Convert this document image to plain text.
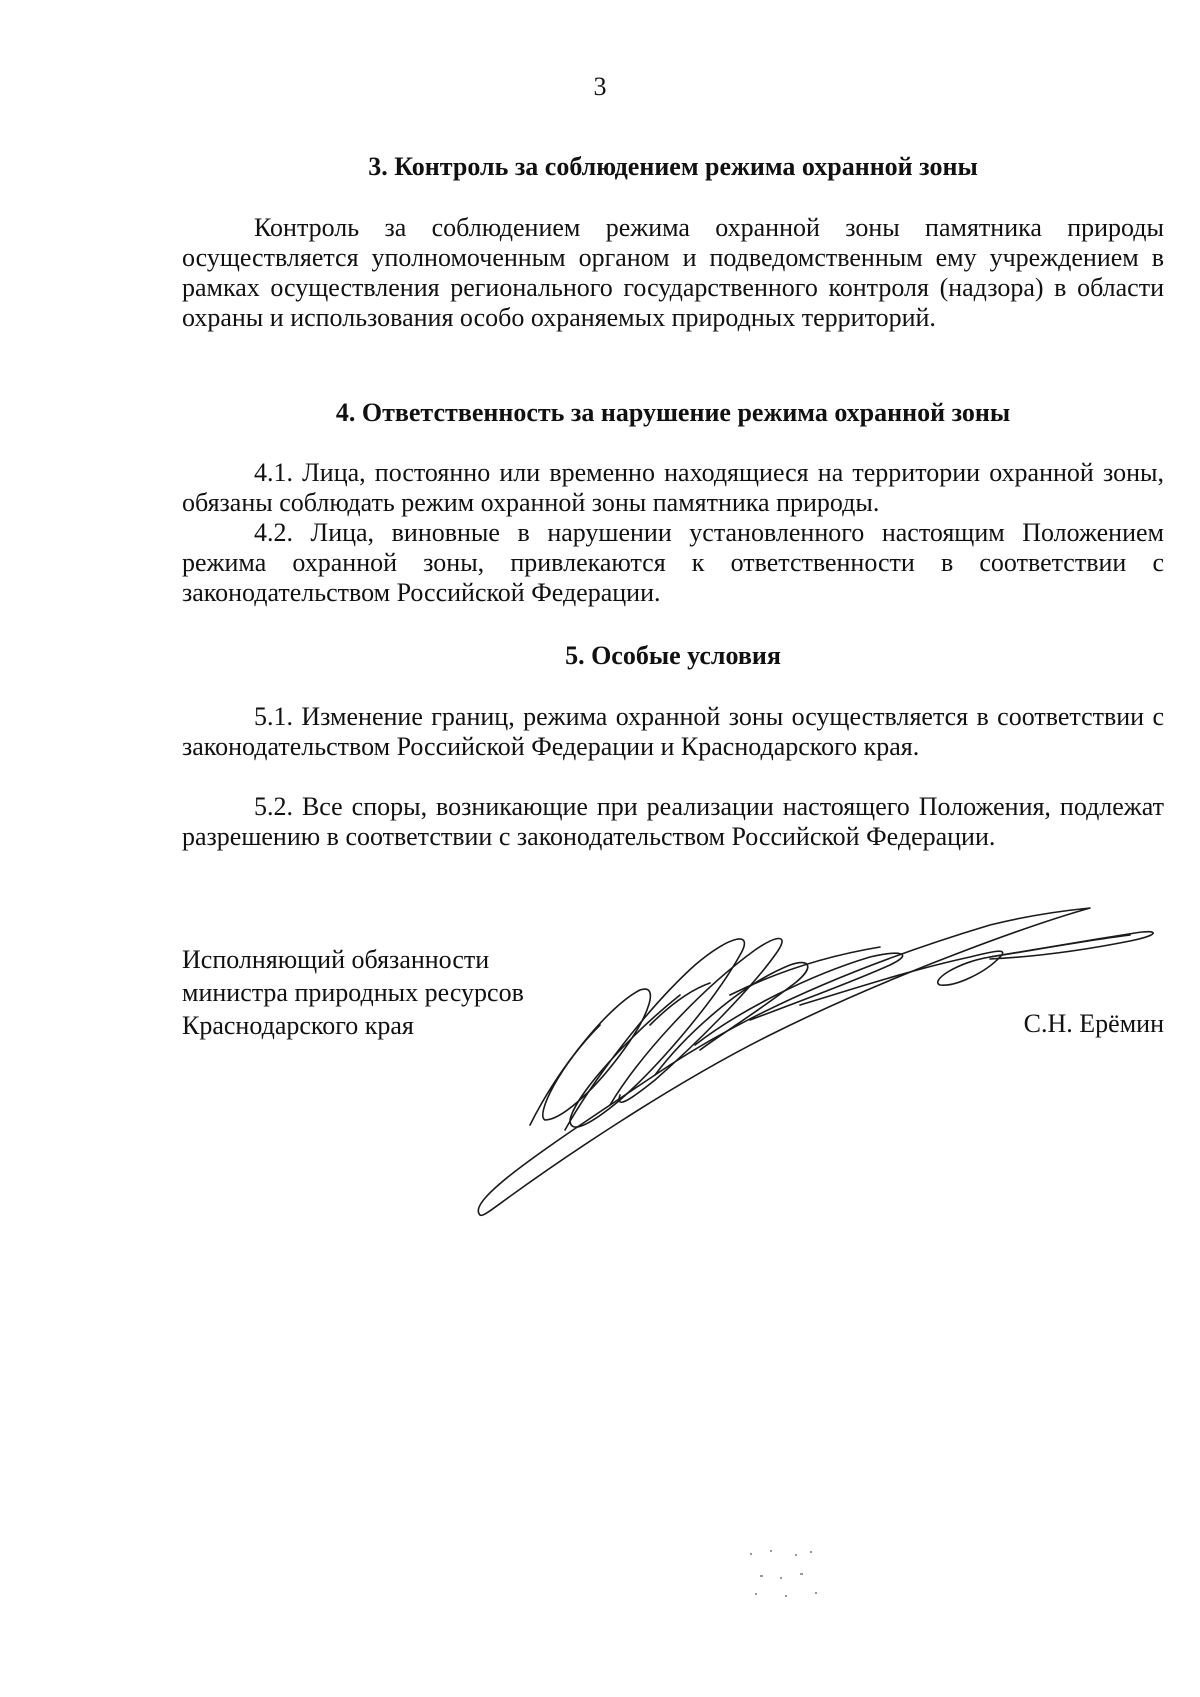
3
3. Контроль за соблюдением режима охранной зоны
Контроль за соблюдением режима охранной зоны памятника природы осуществляется уполномоченным органом и подведомственным ему учреждением в рамках осуществления регионального государственного контроля (надзора) в области охраны и использования особо охраняемых природных территорий.
4. Ответственность за нарушение режима охранной зоны
4.1. Лица, постоянно или временно находящиеся на территории охранной зоны, обязаны соблюдать режим охранной зоны памятника природы.
4.2. Лица, виновные в нарушении установленного настоящим Положением режима охранной зоны, привлекаются к ответственности в соответствии с законодательством Российской Федерации.
5. Особые условия
5.1. Изменение границ, режима охранной зоны осуществляется в соответствии с законодательством Российской Федерации и Краснодарского края.
5.2. Все споры, возникающие при реализации настоящего Положения, подлежат разрешению в соответствии с законодательством Российской Федерации.
Исполняющий обязанности
министра природных ресурсов
Краснодарского края	С.Н. Ерёмин
